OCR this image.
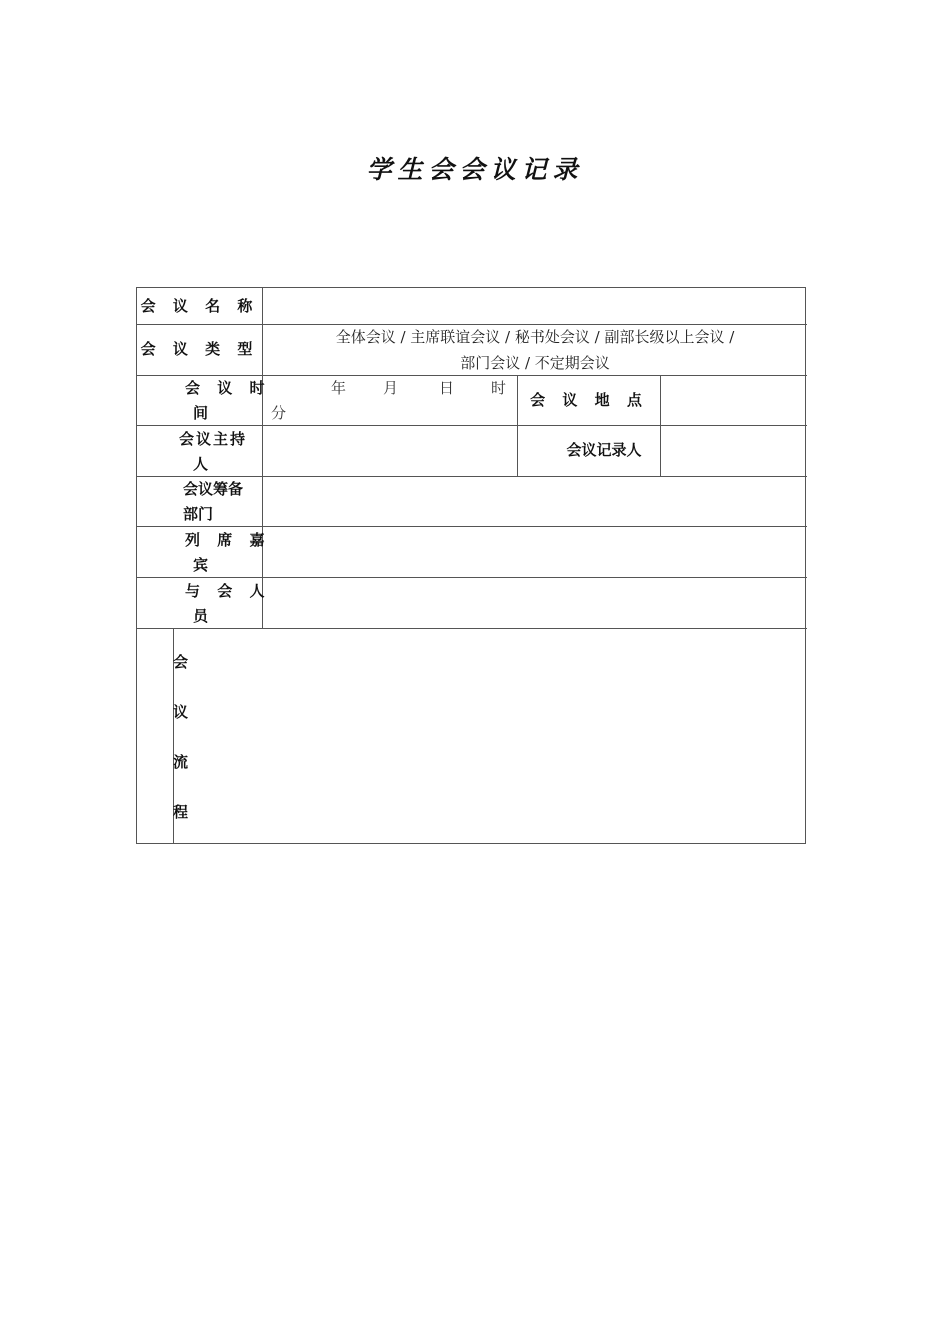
学生会会议记录
会 议 名 称
会 议 类 型
全体会议 / 主席联谊会议 / 秘书处会议 / 副部长级以上会议 /
部门会议 / 不定期会议
会 议 时
间
年 月	日 时
分
会 议 地 点
会议主持
人
会议记录人
会议筹备
部门
列 席 嘉
宾
与 会 人
员
会
议
流
程
